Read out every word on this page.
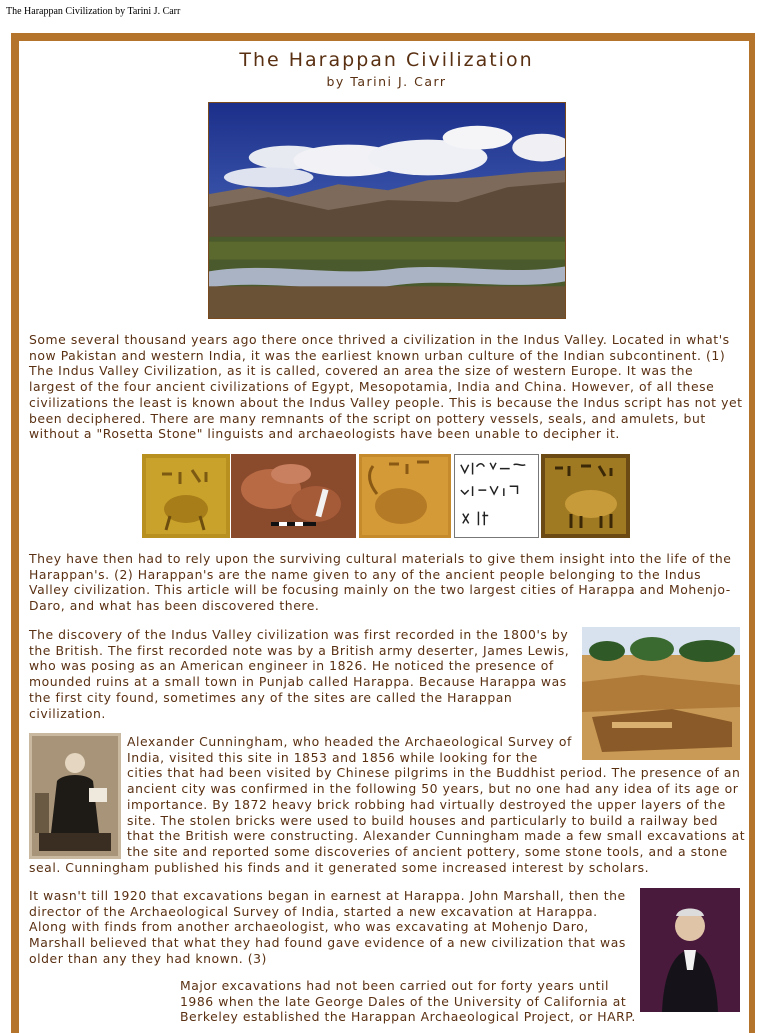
The Harappan Civilization by Tarini J. Carr
The Harappan Civilization
by Tarini J. Carr
Some several thousand years ago there once thrived a civilization in the Indus Valley. Located in what's
now Pakistan and western India, it was the earliest known urban culture of the Indian subcontinent. (1)
The Indus Valley Civilization, as it is called, covered an area the size of western Europe. It was the
largest of the four ancient civilizations of Egypt, Mesopotamia, India and China. However, of all these
civilizations the least is known about the Indus Valley people. This is because the Indus script has not yet
been deciphered. There are many remnants of the script on pottery vessels, seals, and amulets, but
without a "Rosetta Stone" linguists and archaeologists have been unable to decipher it.
They have then had to rely upon the surviving cultural materials to give them insight into the life of the
Harappan's. (2) Harappan's are the name given to any of the ancient people belonging to the Indus
Valley civilization. This article will be focusing mainly on the two largest cities of Harappa and Mohenjo-
Daro, and what has been discovered there.
The discovery of the Indus Valley civilization was first recorded in the 1800's by
the British. The first recorded note was by a British army deserter, James Lewis,
who was posing as an American engineer in 1826. He noticed the presence of
mounded ruins at a small town in Punjab called Harappa. Because Harappa was
the first city found, sometimes any of the sites are called the Harappan
civilization.
Alexander Cunningham, who headed the Archaeological Survey of
India, visited this site in 1853 and 1856 while looking for the
cities that had been visited by Chinese pilgrims in the Buddhist period. The presence of an
ancient city was confirmed in the following 50 years, but no one had any idea of its age or
importance. By 1872 heavy brick robbing had virtually destroyed the upper layers of the
site. The stolen bricks were used to build houses and particularly to build a railway bed
that the British were constructing. Alexander Cunningham made a few small excavations at
the site and reported some discoveries of ancient pottery, some stone tools, and a stone
seal. Cunningham published his finds and it generated some increased interest by scholars.
It wasn't till 1920 that excavations began in earnest at Harappa. John Marshall, then the
director of the Archaeological Survey of India, started a new excavation at Harappa.
Along with finds from another archaeologist, who was excavating at Mohenjo Daro,
Marshall believed that what they had found gave evidence of a new civilization that was
older than any they had known. (3)
Major excavations had not been carried out for forty years until
1986 when the late George Dales of the University of California at
Berkeley established the Harappan Archaeological Project, or HARP.
